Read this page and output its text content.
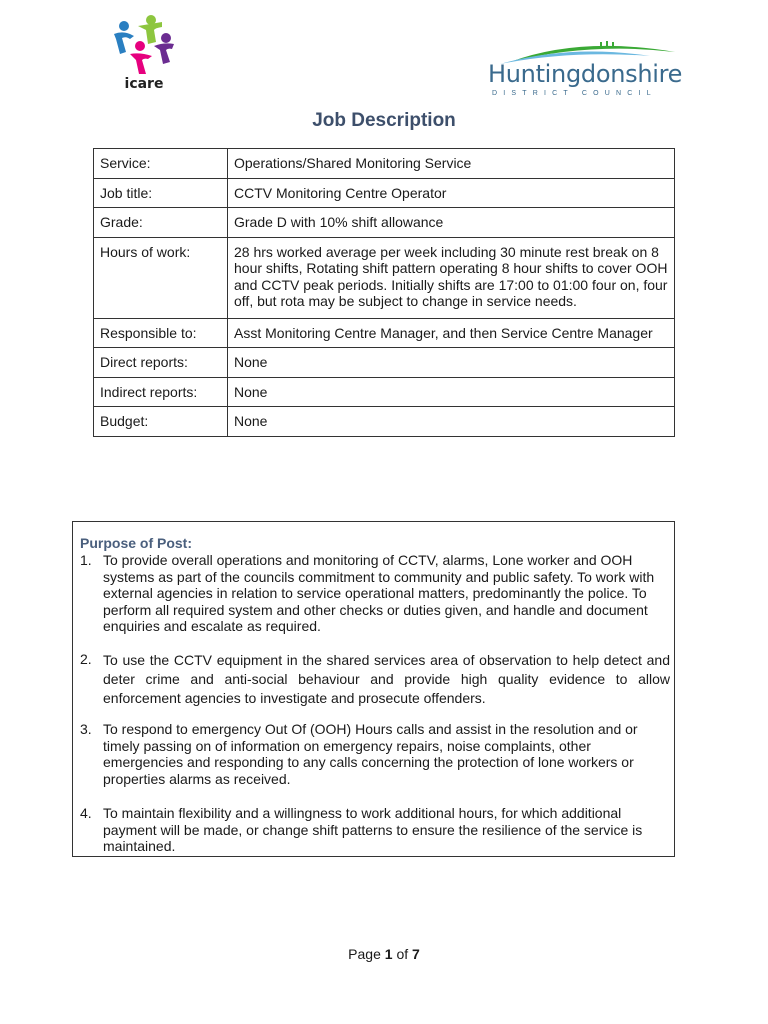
icare	Huntingdonshire
DISTRICT COUNCIL
Job Description
Service:	Operations/Shared Monitoring Service
Job title:	CCTV Monitoring Centre Operator
Grade:	Grade D with 10% shift allowance
Hours of work:	28 hrs worked average per week including 30 minute rest break on 8 hour shifts, Rotating shift pattern operating 8 hour shifts to cover OOH and CCTV peak periods. Initially shifts are 17:00 to 01:00 four on, four off, but rota may be subject to change in service needs.
Responsible to:	Asst Monitoring Centre Manager, and then Service Centre Manager
Direct reports:	None
Indirect reports:	None
Budget:	None
Purpose of Post:
1. To provide overall operations and monitoring of CCTV, alarms, Lone worker and OOH systems as part of the councils commitment to community and public safety. To work with external agencies in relation to service operational matters, predominantly the police. To perform all required system and other checks or duties given, and handle and document enquiries and escalate as required.
2. To use the CCTV equipment in the shared services area of observation to help detect and deter crime and anti-social behaviour and provide high quality evidence to allow enforcement agencies to investigate and prosecute offenders.
3. To respond to emergency Out Of (OOH) Hours calls and assist in the resolution and or timely passing on of information on emergency repairs, noise complaints, other emergencies and responding to any calls concerning the protection of lone workers or properties alarms as received.
4. To maintain flexibility and a willingness to work additional hours, for which additional payment will be made, or change shift patterns to ensure the resilience of the service is maintained.
Page 1 of 7
